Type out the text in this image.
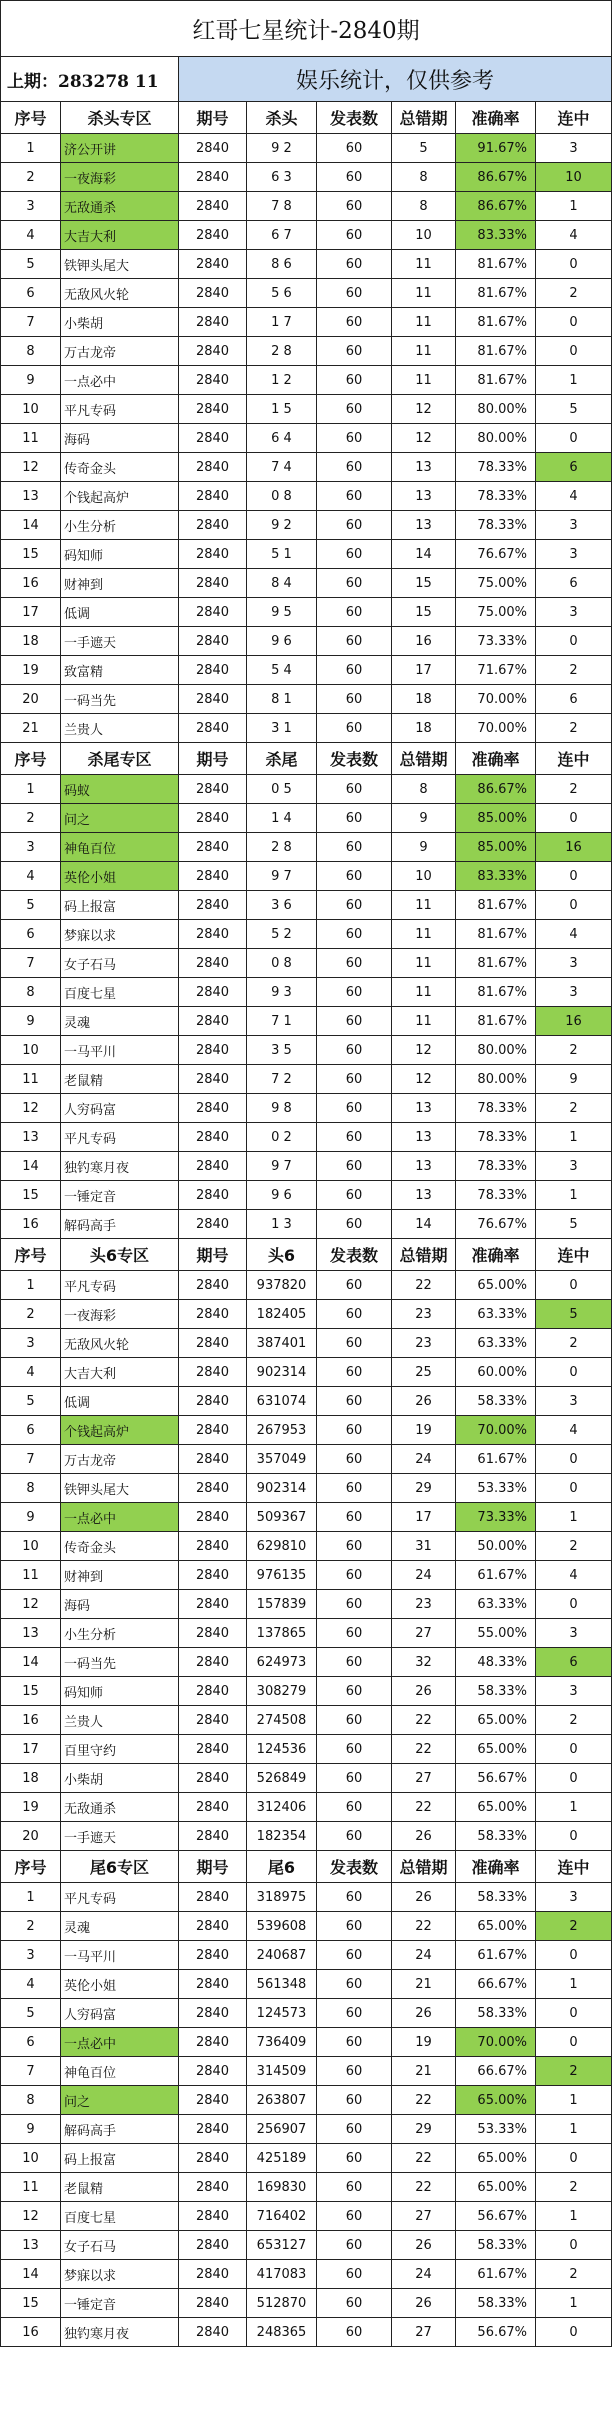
红哥七星统计-2840期
上期：283278 11	娱乐统计，仅供参考
序号	杀头专区	期号	杀头	发表数	总错期	准确率	连中
1	济公开讲	2840	9 2	60	5	91.67%	3
2	一夜海彩	2840	6 3	60	8	86.67%	10
3	无敌通杀	2840	7 8	60	8	86.67%	1
4	大吉大利	2840	6 7	60	10	83.33%	4
5	铁钾头尾大	2840	8 6	60	11	81.67%	0
6	无敌风火轮	2840	5 6	60	11	81.67%	2
7	小柴胡	2840	1 7	60	11	81.67%	0
8	万古龙帝	2840	2 8	60	11	81.67%	0
9	一点必中	2840	1 2	60	11	81.67%	1
10	平凡专码	2840	1 5	60	12	80.00%	5
11	海码	2840	6 4	60	12	80.00%	0
12	传奇金头	2840	7 4	60	13	78.33%	6
13	个钱起高炉	2840	0 8	60	13	78.33%	4
14	小生分析	2840	9 2	60	13	78.33%	3
15	码知师	2840	5 1	60	14	76.67%	3
16	财神到	2840	8 4	60	15	75.00%	6
17	低调	2840	9 5	60	15	75.00%	3
18	一手遮天	2840	9 6	60	16	73.33%	0
19	致富精	2840	5 4	60	17	71.67%	2
20	一码当先	2840	8 1	60	18	70.00%	6
21	兰贵人	2840	3 1	60	18	70.00%	2
序号	杀尾专区	期号	杀尾	发表数	总错期	准确率	连中
1	码蚁	2840	0 5	60	8	86.67%	2
2	问之	2840	1 4	60	9	85.00%	0
3	神龟百位	2840	2 8	60	9	85.00%	16
4	英伦小姐	2840	9 7	60	10	83.33%	0
5	码上报富	2840	3 6	60	11	81.67%	0
6	梦寐以求	2840	5 2	60	11	81.67%	4
7	女子石马	2840	0 8	60	11	81.67%	3
8	百度七星	2840	9 3	60	11	81.67%	3
9	灵魂	2840	7 1	60	11	81.67%	16
10	一马平川	2840	3 5	60	12	80.00%	2
11	老鼠精	2840	7 2	60	12	80.00%	9
12	人穷码富	2840	9 8	60	13	78.33%	2
13	平凡专码	2840	0 2	60	13	78.33%	1
14	独钓寒月夜	2840	9 7	60	13	78.33%	3
15	一锤定音	2840	9 6	60	13	78.33%	1
16	解码高手	2840	1 3	60	14	76.67%	5
序号	头6专区	期号	头6	发表数	总错期	准确率	连中
1	平凡专码	2840	937820	60	22	65.00%	0
2	一夜海彩	2840	182405	60	23	63.33%	5
3	无敌风火轮	2840	387401	60	23	63.33%	2
4	大吉大利	2840	902314	60	25	60.00%	0
5	低调	2840	631074	60	26	58.33%	3
6	个钱起高炉	2840	267953	60	19	70.00%	4
7	万古龙帝	2840	357049	60	24	61.67%	0
8	铁钾头尾大	2840	902314	60	29	53.33%	0
9	一点必中	2840	509367	60	17	73.33%	1
10	传奇金头	2840	629810	60	31	50.00%	2
11	财神到	2840	976135	60	24	61.67%	4
12	海码	2840	157839	60	23	63.33%	0
13	小生分析	2840	137865	60	27	55.00%	3
14	一码当先	2840	624973	60	32	48.33%	6
15	码知师	2840	308279	60	26	58.33%	3
16	兰贵人	2840	274508	60	22	65.00%	2
17	百里守约	2840	124536	60	22	65.00%	0
18	小柴胡	2840	526849	60	27	56.67%	0
19	无敌通杀	2840	312406	60	22	65.00%	1
20	一手遮天	2840	182354	60	26	58.33%	0
序号	尾6专区	期号	尾6	发表数	总错期	准确率	连中
1	平凡专码	2840	318975	60	26	58.33%	3
2	灵魂	2840	539608	60	22	65.00%	2
3	一马平川	2840	240687	60	24	61.67%	0
4	英伦小姐	2840	561348	60	21	66.67%	1
5	人穷码富	2840	124573	60	26	58.33%	0
6	一点必中	2840	736409	60	19	70.00%	0
7	神龟百位	2840	314509	60	21	66.67%	2
8	问之	2840	263807	60	22	65.00%	1
9	解码高手	2840	256907	60	29	53.33%	1
10	码上报富	2840	425189	60	22	65.00%	0
11	老鼠精	2840	169830	60	22	65.00%	2
12	百度七星	2840	716402	60	27	56.67%	1
13	女子石马	2840	653127	60	26	58.33%	0
14	梦寐以求	2840	417083	60	24	61.67%	2
15	一锤定音	2840	512870	60	26	58.33%	1
16	独钓寒月夜	2840	248365	60	27	56.67%	0
